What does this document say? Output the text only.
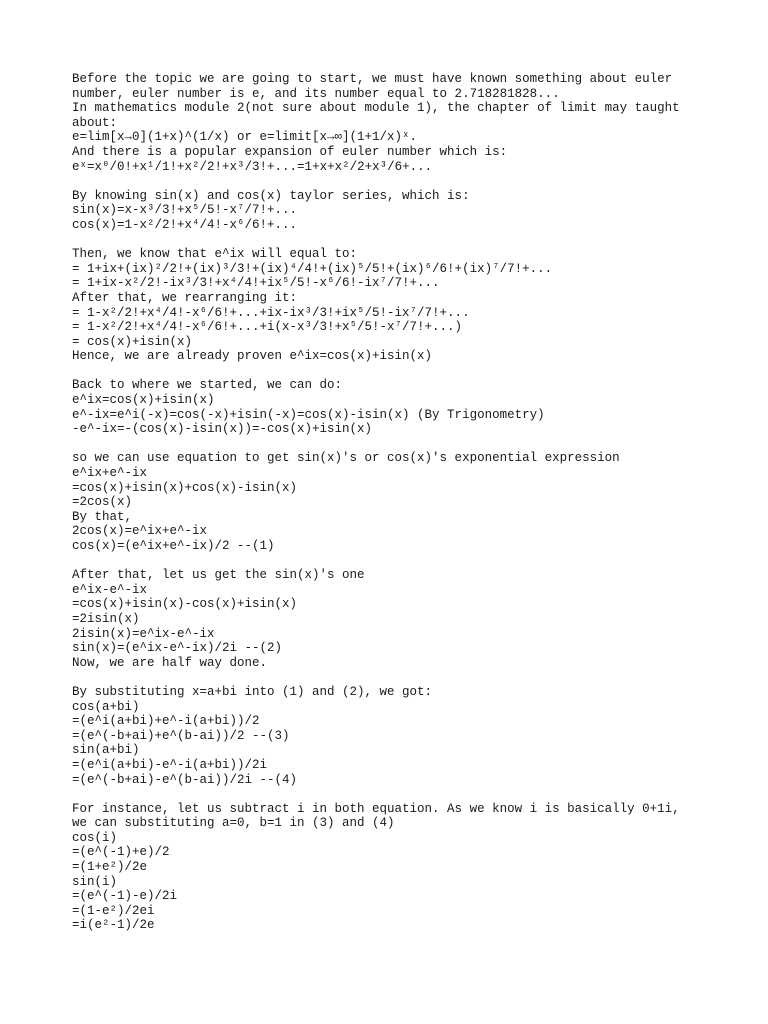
Before the topic we are going to start, we must have known something about euler
number, euler number is e, and its number equal to 2.718281828...
In mathematics module 2(not sure about module 1), the chapter of limit may taught
about:
e=lim[x→0](1+x)^(1/x) or e=limit[x→∞](1+1/x)ˣ.
And there is a popular expansion of euler number which is:
eˣ=x⁰/0!+x¹/1!+x²/2!+x³/3!+...=1+x+x²/2+x³/6+...
By knowing sin(x) and cos(x) taylor series, which is:
sin(x)=x-x³/3!+x⁵/5!-x⁷/7!+...
cos(x)=1-x²/2!+x⁴/4!-x⁶/6!+...
Then, we know that e^ix will equal to:
= 1+ix+(ix)²/2!+(ix)³/3!+(ix)⁴/4!+(ix)⁵/5!+(ix)⁶/6!+(ix)⁷/7!+...
= 1+ix-x²/2!-ix³/3!+x⁴/4!+ix⁵/5!-x⁶/6!-ix⁷/7!+...
After that, we rearranging it:
= 1-x²/2!+x⁴/4!-x⁶/6!+...+ix-ix³/3!+ix⁵/5!-ix⁷/7!+...
= 1-x²/2!+x⁴/4!-x⁶/6!+...+i(x-x³/3!+x⁵/5!-x⁷/7!+...)
= cos(x)+isin(x)
Hence, we are already proven e^ix=cos(x)+isin(x)
Back to where we started, we can do:
e^ix=cos(x)+isin(x)
e^-ix=e^i(-x)=cos(-x)+isin(-x)=cos(x)-isin(x) (By Trigonometry)
-e^-ix=-(cos(x)-isin(x))=-cos(x)+isin(x)
so we can use equation to get sin(x)'s or cos(x)'s exponential expression
e^ix+e^-ix
=cos(x)+isin(x)+cos(x)-isin(x)
=2cos(x)
By that,
2cos(x)=e^ix+e^-ix
cos(x)=(e^ix+e^-ix)/2 --(1)
After that, let us get the sin(x)'s one
e^ix-e^-ix
=cos(x)+isin(x)-cos(x)+isin(x)
=2isin(x)
2isin(x)=e^ix-e^-ix
sin(x)=(e^ix-e^-ix)/2i --(2)
Now, we are half way done.
By substituting x=a+bi into (1) and (2), we got:
cos(a+bi)
=(e^i(a+bi)+e^-i(a+bi))/2
=(e^(-b+ai)+e^(b-ai))/2 --(3)
sin(a+bi)
=(e^i(a+bi)-e^-i(a+bi))/2i
=(e^(-b+ai)-e^(b-ai))/2i --(4)
For instance, let us subtract i in both equation. As we know i is basically 0+1i,
we can substituting a=0, b=1 in (3) and (4)
cos(i)
=(e^(-1)+e)/2
=(1+e²)/2e
sin(i)
=(e^(-1)-e)/2i
=(1-e²)/2ei
=i(e²-1)/2e
